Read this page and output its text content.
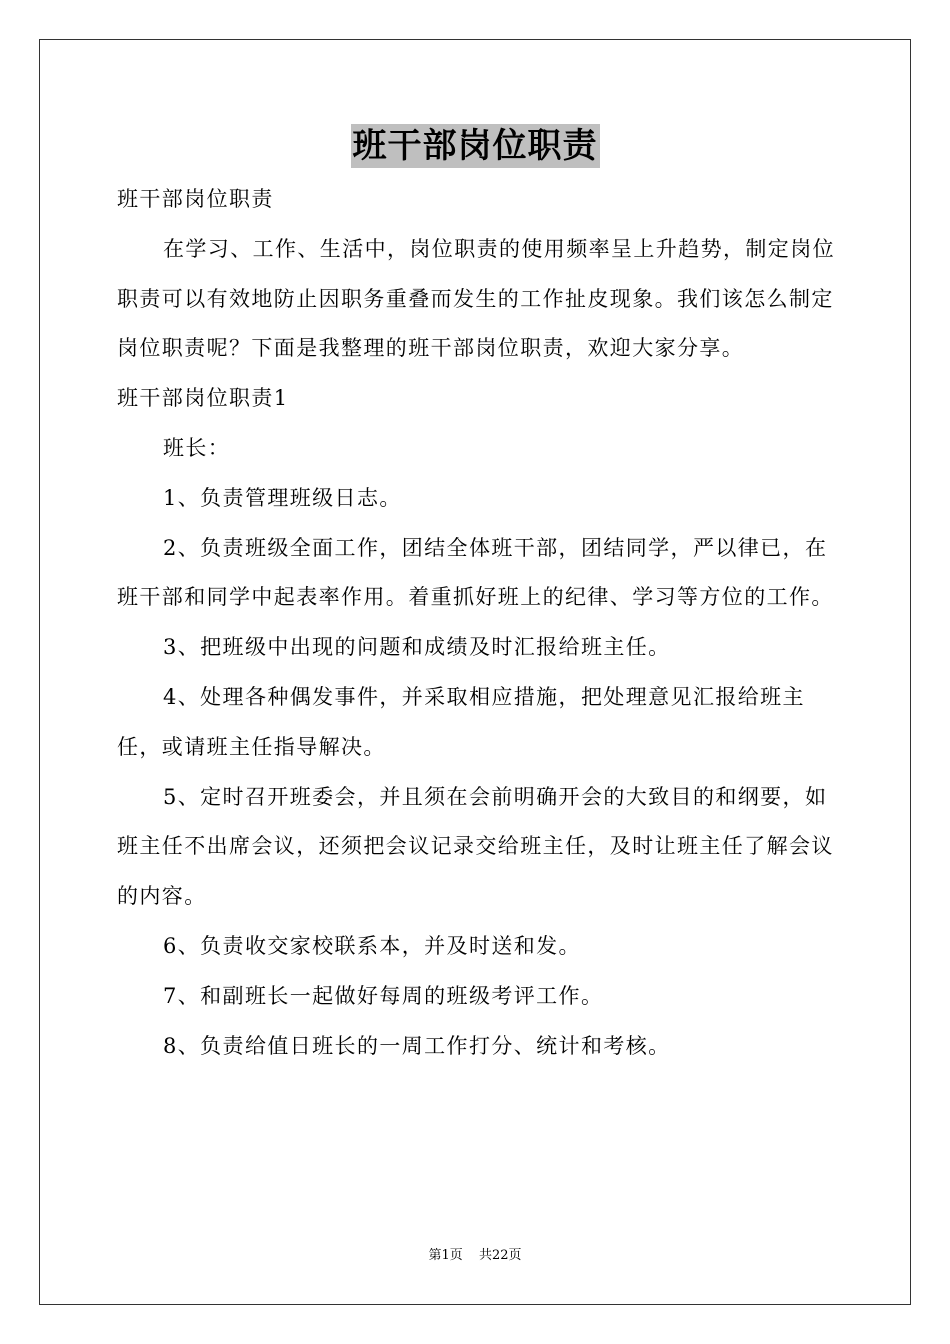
班干部岗位职责

班干部岗位职责

在学习、工作、生活中，岗位职责的使用频率呈上升趋势，制定岗位职责可以有效地防止因职务重叠而发生的工作扯皮现象。我们该怎么制定岗位职责呢？下面是我整理的班干部岗位职责，欢迎大家分享。

班干部岗位职责1

班长：

1、负责管理班级日志。

2、负责班级全面工作，团结全体班干部，团结同学，严以律已，在班干部和同学中起表率作用。着重抓好班上的纪律、学习等方位的工作。

3、把班级中出现的问题和成绩及时汇报给班主任。

4、处理各种偶发事件，并采取相应措施，把处理意见汇报给班主任，或请班主任指导解决。

5、定时召开班委会，并且须在会前明确开会的大致目的和纲要，如班主任不出席会议，还须把会议记录交给班主任，及时让班主任了解会议的内容。

6、负责收交家校联系本，并及时送和发。

7、和副班长一起做好每周的班级考评工作。

8、负责给值日班长的一周工作打分、统计和考核。

第1页 共22页
